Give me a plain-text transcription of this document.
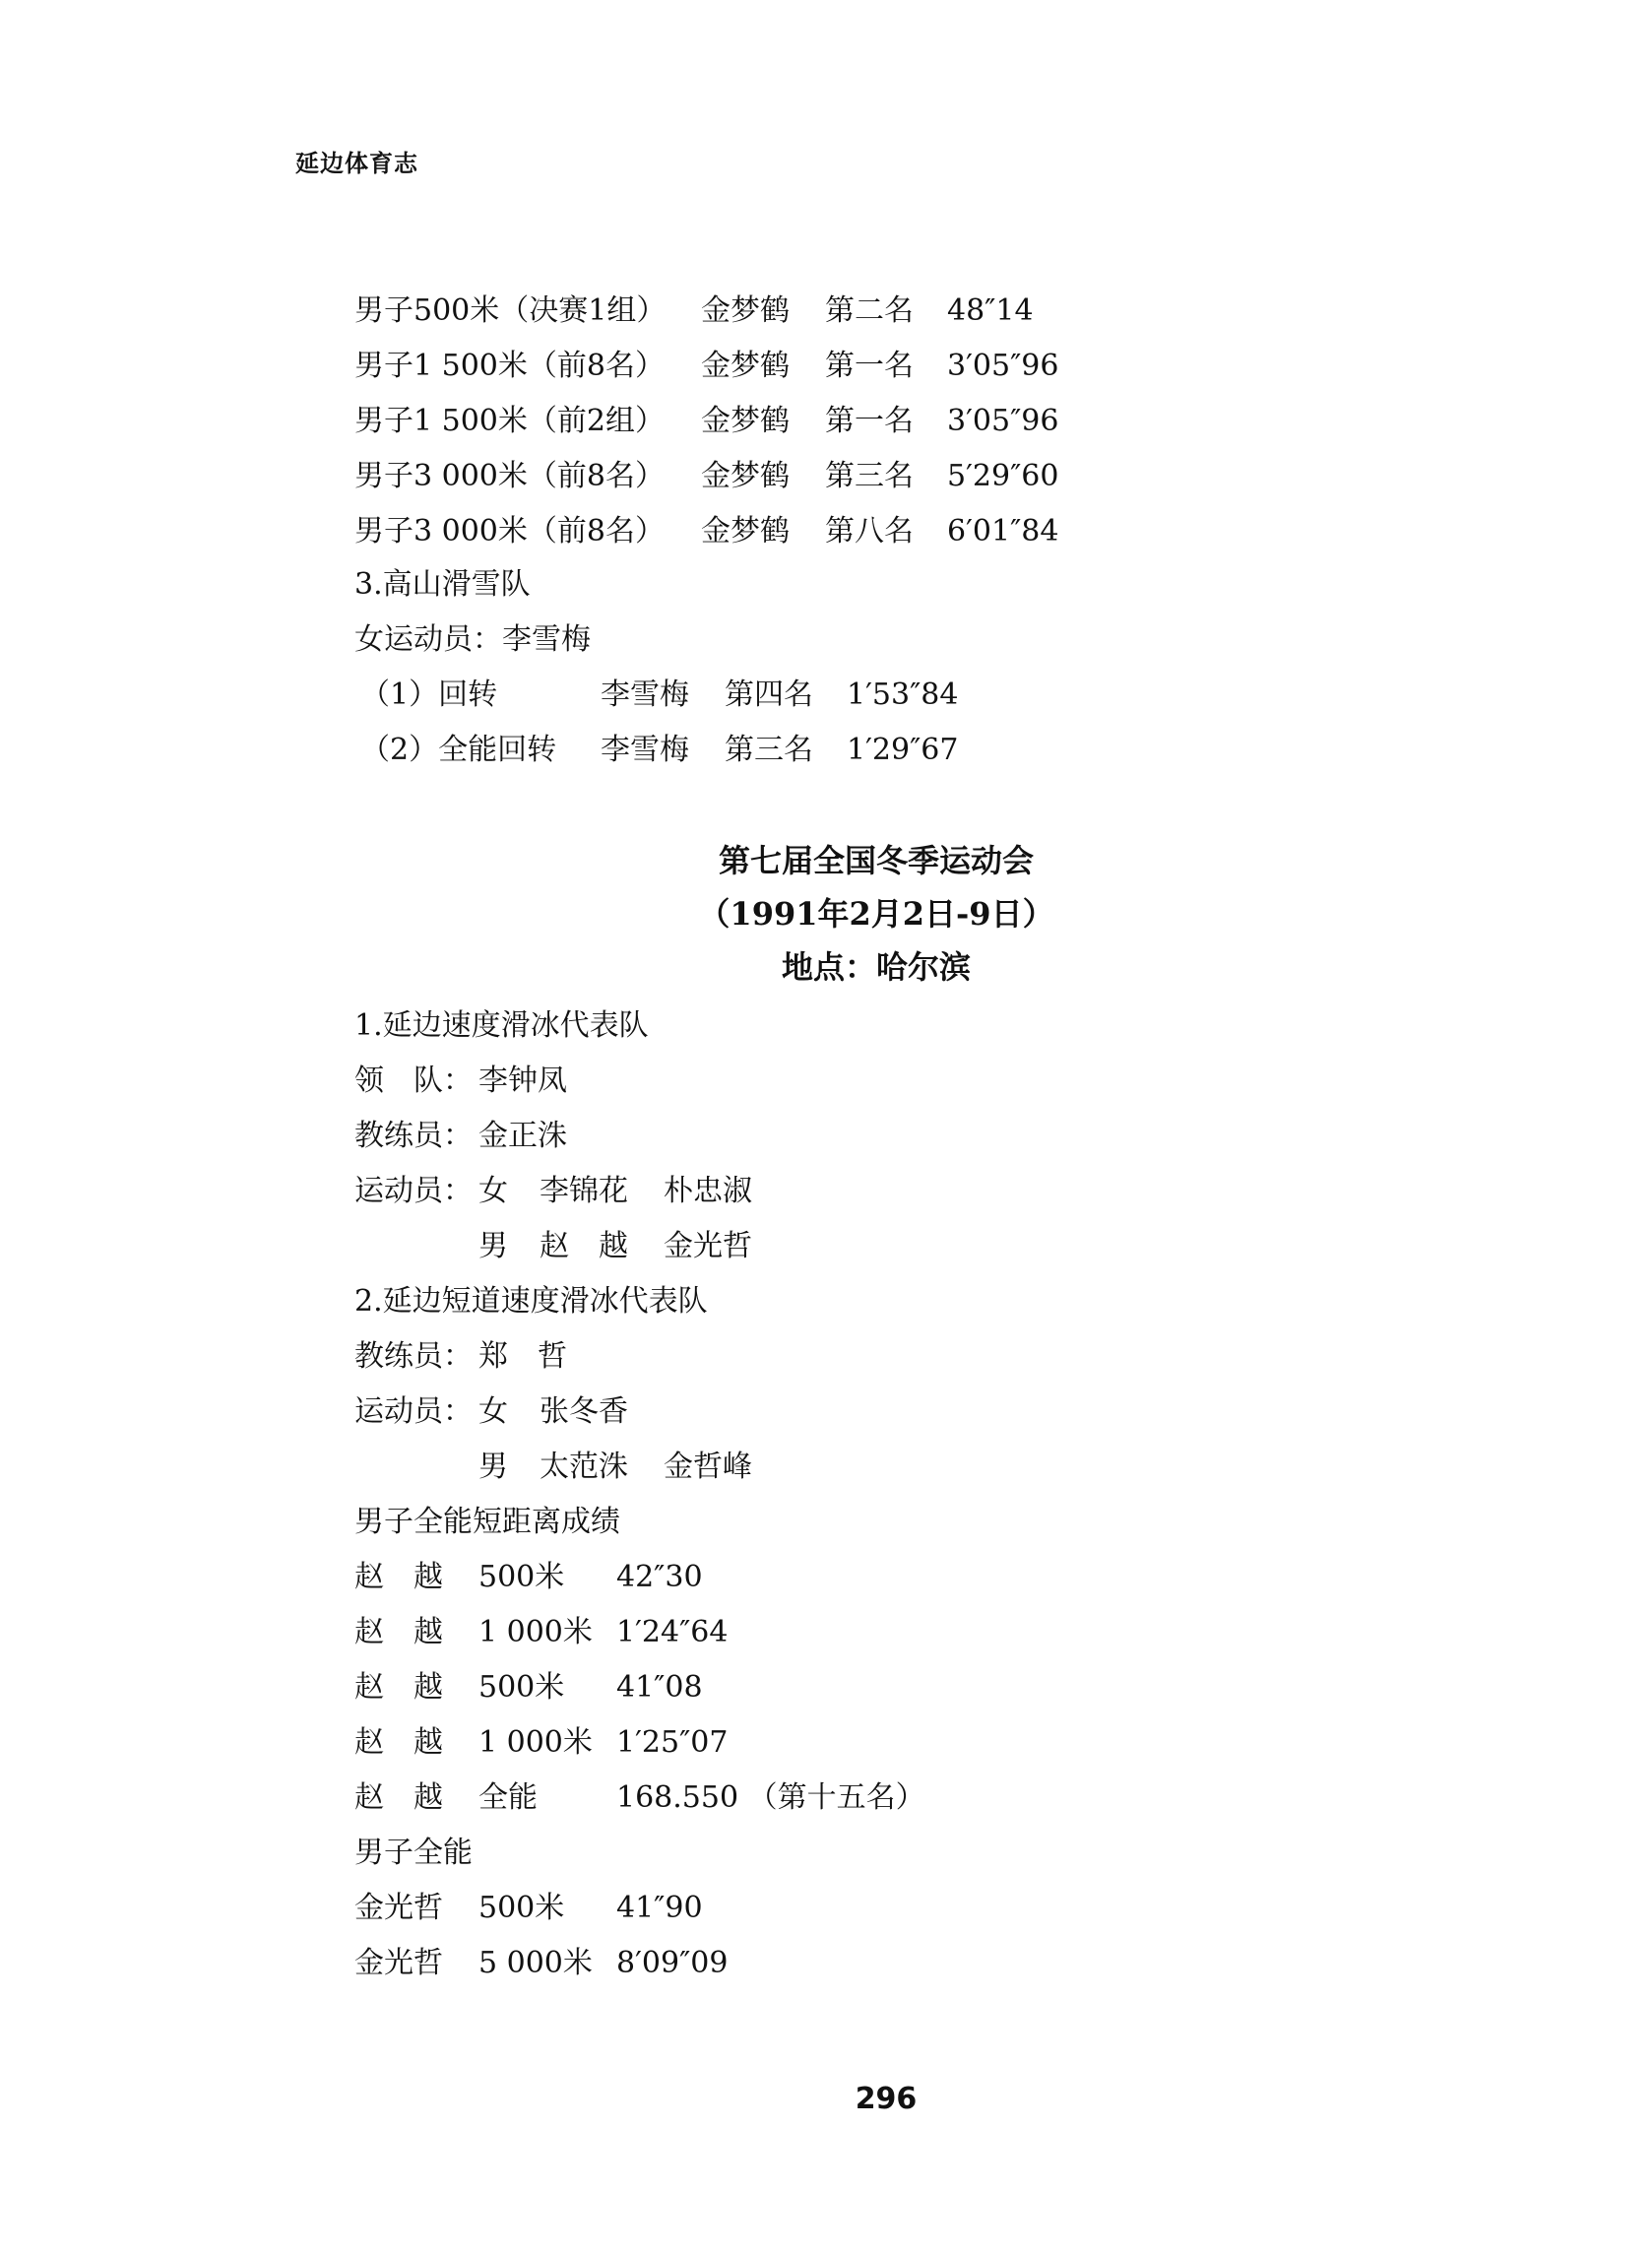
延边体育志
男子500米（决赛1组） 金梦鹤 第二名 48″14
男子1 500米（前8名） 金梦鹤 第一名 3′05″96
男子1 500米（前2组） 金梦鹤 第一名 3′05″96
男子3 000米（前8名） 金梦鹤 第三名 5′29″60
男子3 000米（前8名） 金梦鹤 第八名 6′01″84
3.高山滑雪队
女运动员：李雪梅
（1）回转	李雪梅 第四名 1′53″84
（2）全能回转 李雪梅 第三名 1′29″67
第七届全国冬季运动会
（1991年2月2日-9日）
地点：哈尔滨
1.延边速度滑冰代表队
领　队： 李钟凤
教练员： 金正洙
运动员： 女 李锦花 朴忠淑
男 赵　越 金光哲
2.延边短道速度滑冰代表队
教练员： 郑　哲
运动员： 女 张冬香
男 太范洙 金哲峰
男子全能短距离成绩
赵　越 500米 42″30
赵　越 1 000米 1′24″64
赵　越 500米 41″08
赵　越 1 000米 1′25″07
赵　越 全能	168.550 （第十五名）
男子全能
金光哲 500米 41″90
金光哲 5 000米 8′09″09
296
